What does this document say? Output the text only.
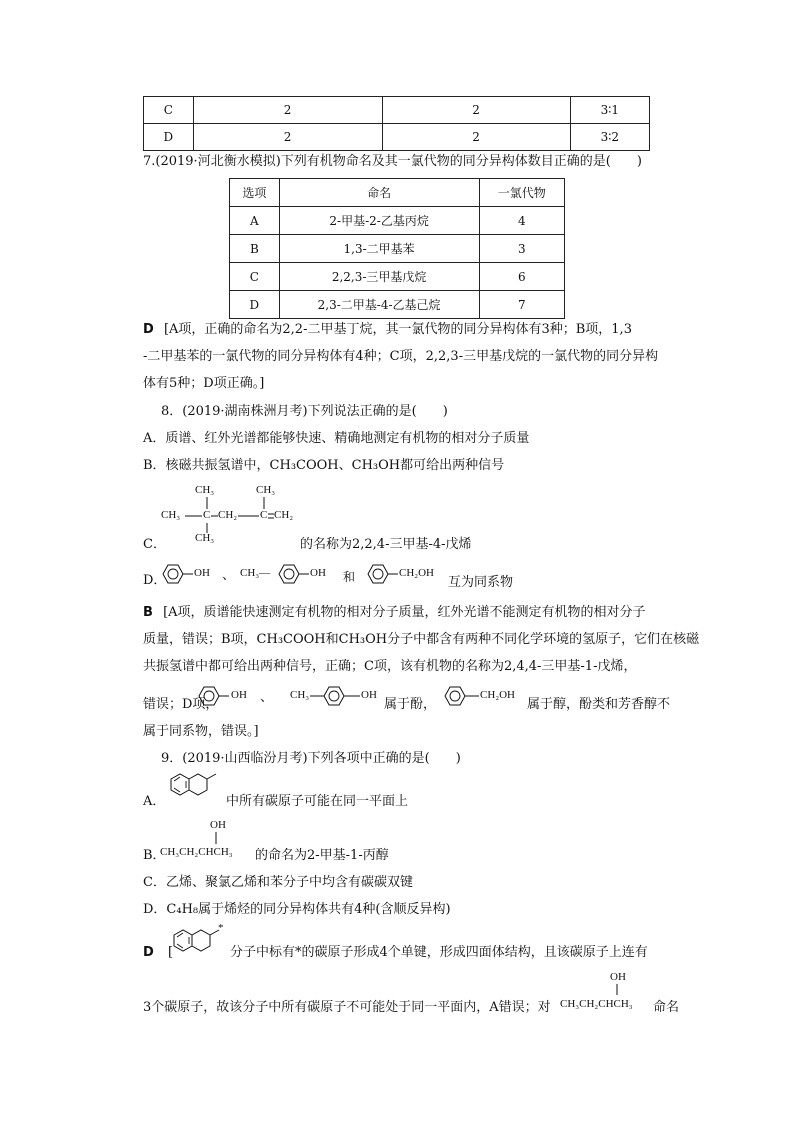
C	2	2	3∶1
D	2	2	3∶2
7.(2019·河北衡水模拟)下列有机物命名及其一氯代物的同分异构体数目正确的是(　　)
选项	命名	一氯代物
A	2-甲基-2-乙基丙烷	4
B	1,3-二甲基苯	3
C	2,2,3-三甲基戊烷	6
D	2,3-二甲基-4-乙基己烷	7
D [A项，正确的命名为2,2-二甲基丁烷，其一氯代物的同分异构体有3种；B项，1,3
-二甲基苯的一氯代物的同分异构体有4种；C项，2,2,3-三甲基戊烷的一氯代物的同分异构
体有5种；D项正确。]
8．(2019·湖南株洲月考)下列说法正确的是(　　)
A．质谱、红外光谱都能够快速、精确地测定有机物的相对分子质量
B．核磁共振氢谱中，CH₃COOH、CH₃OH都可给出两种信号
CH₃	CH₃
CH₃ C CH₂ C CH₂
CH₃
C．	的名称为2,2,4-三甲基-4-戊烯
D．	OH 、 CH₃—	OH 和	CH₂OH
互为同系物
B [A项，质谱能快速测定有机物的相对分子质量，红外光谱不能测定有机物的相对分子
质量，错误；B项，CH₃COOH和CH₃OH分子中都含有两种不同化学环境的氢原子，它们在核磁
共振氢谱中都可给出两种信号，正确；C项，该有机物的名称为2,4,4-三甲基-1-戊烯，
错误；D项，
OH 、 CH₃	OH
属于酚，
CH₂OH
属于醇，酚类和芳香醇不
属于同系物，错误。]
9．(2019·山西临汾月考)下列各项中正确的是(　　)
A．	中所有碳原子可能在同一平面上
OH
B．
CH₃CH₂CHCH₃ 的命名为2-甲基-1-丙醇
C．乙烯、聚氯乙烯和苯分子中均含有碳碳双键
D．C₄H₈属于烯烃的同分异构体共有4种(含顺反异构)
D [
*
分子中标有*的碳原子形成4个单键，形成四面体结构，且该碳原子上连有
OH
3个碳原子，故该分子中所有碳原子不可能处于同一平面内，A错误；对 CH₃CH₂CHCH₃ 命名
